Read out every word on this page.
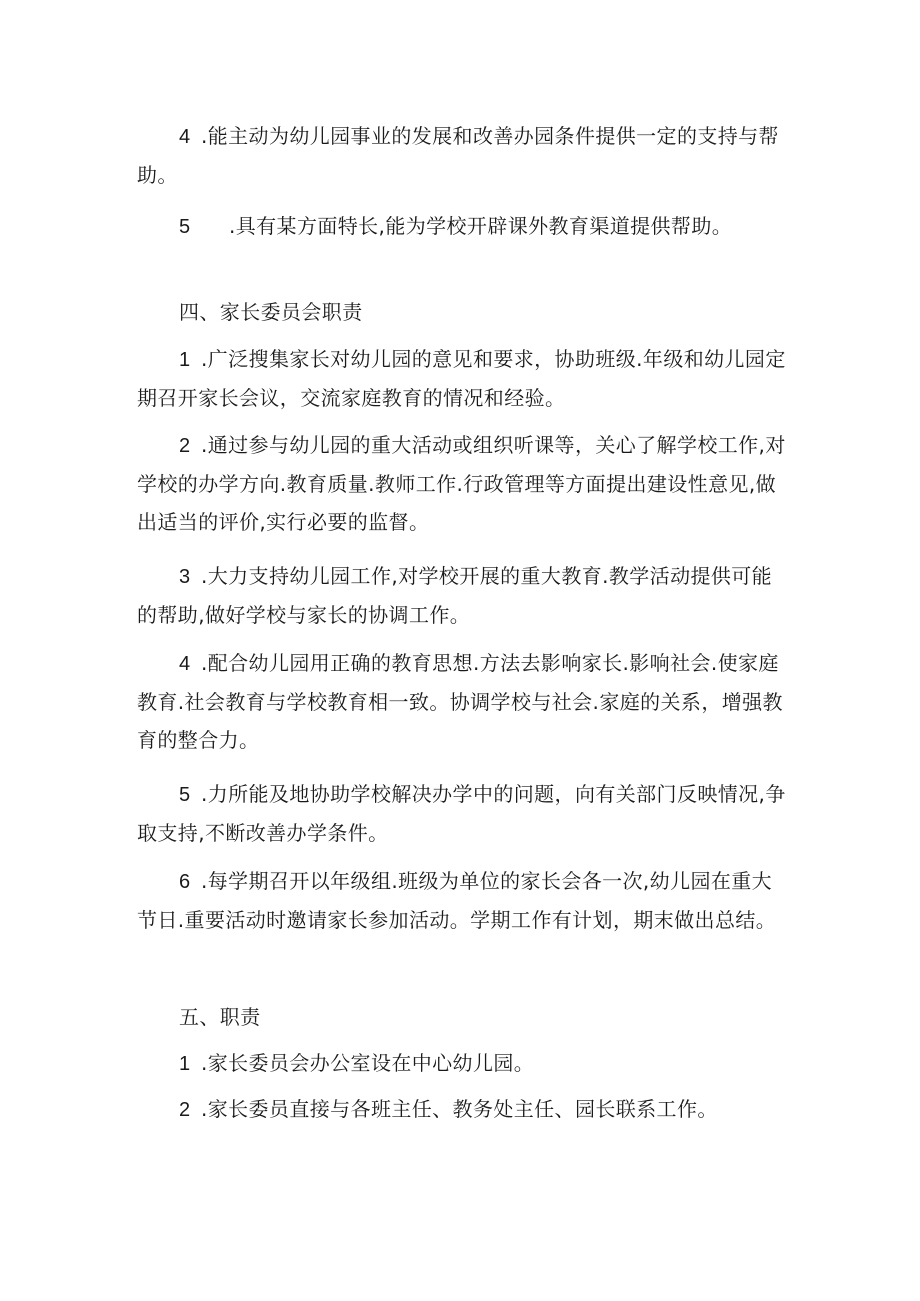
4 .能主动为幼儿园事业的发展和改善办园条件提供一定的支持与帮助。

5 .具有某方面特长,能为学校开辟课外教育渠道提供帮助。

四、家长委员会职责

1 .广泛搜集家长对幼儿园的意见和要求，协助班级.年级和幼儿园定期召开家长会议，交流家庭教育的情况和经验。

2 .通过参与幼儿园的重大活动或组织听课等，关心了解学校工作,对学校的办学方向.教育质量.教师工作.行政管理等方面提出建设性意见,做出适当的评价,实行必要的监督。

3 .大力支持幼儿园工作,对学校开展的重大教育.教学活动提供可能的帮助,做好学校与家长的协调工作。

4 .配合幼儿园用正确的教育思想.方法去影响家长.影响社会.使家庭教育.社会教育与学校教育相一致。协调学校与社会.家庭的关系，增强教育的整合力。

5 .力所能及地协助学校解决办学中的问题，向有关部门反映情况,争取支持,不断改善办学条件。

6 .每学期召开以年级组.班级为单位的家长会各一次,幼儿园在重大节日.重要活动时邀请家长参加活动。学期工作有计划，期末做出总结。

五、职责

1 .家长委员会办公室设在中心幼儿园。

2 .家长委员直接与各班主任、教务处主任、园长联系工作。
